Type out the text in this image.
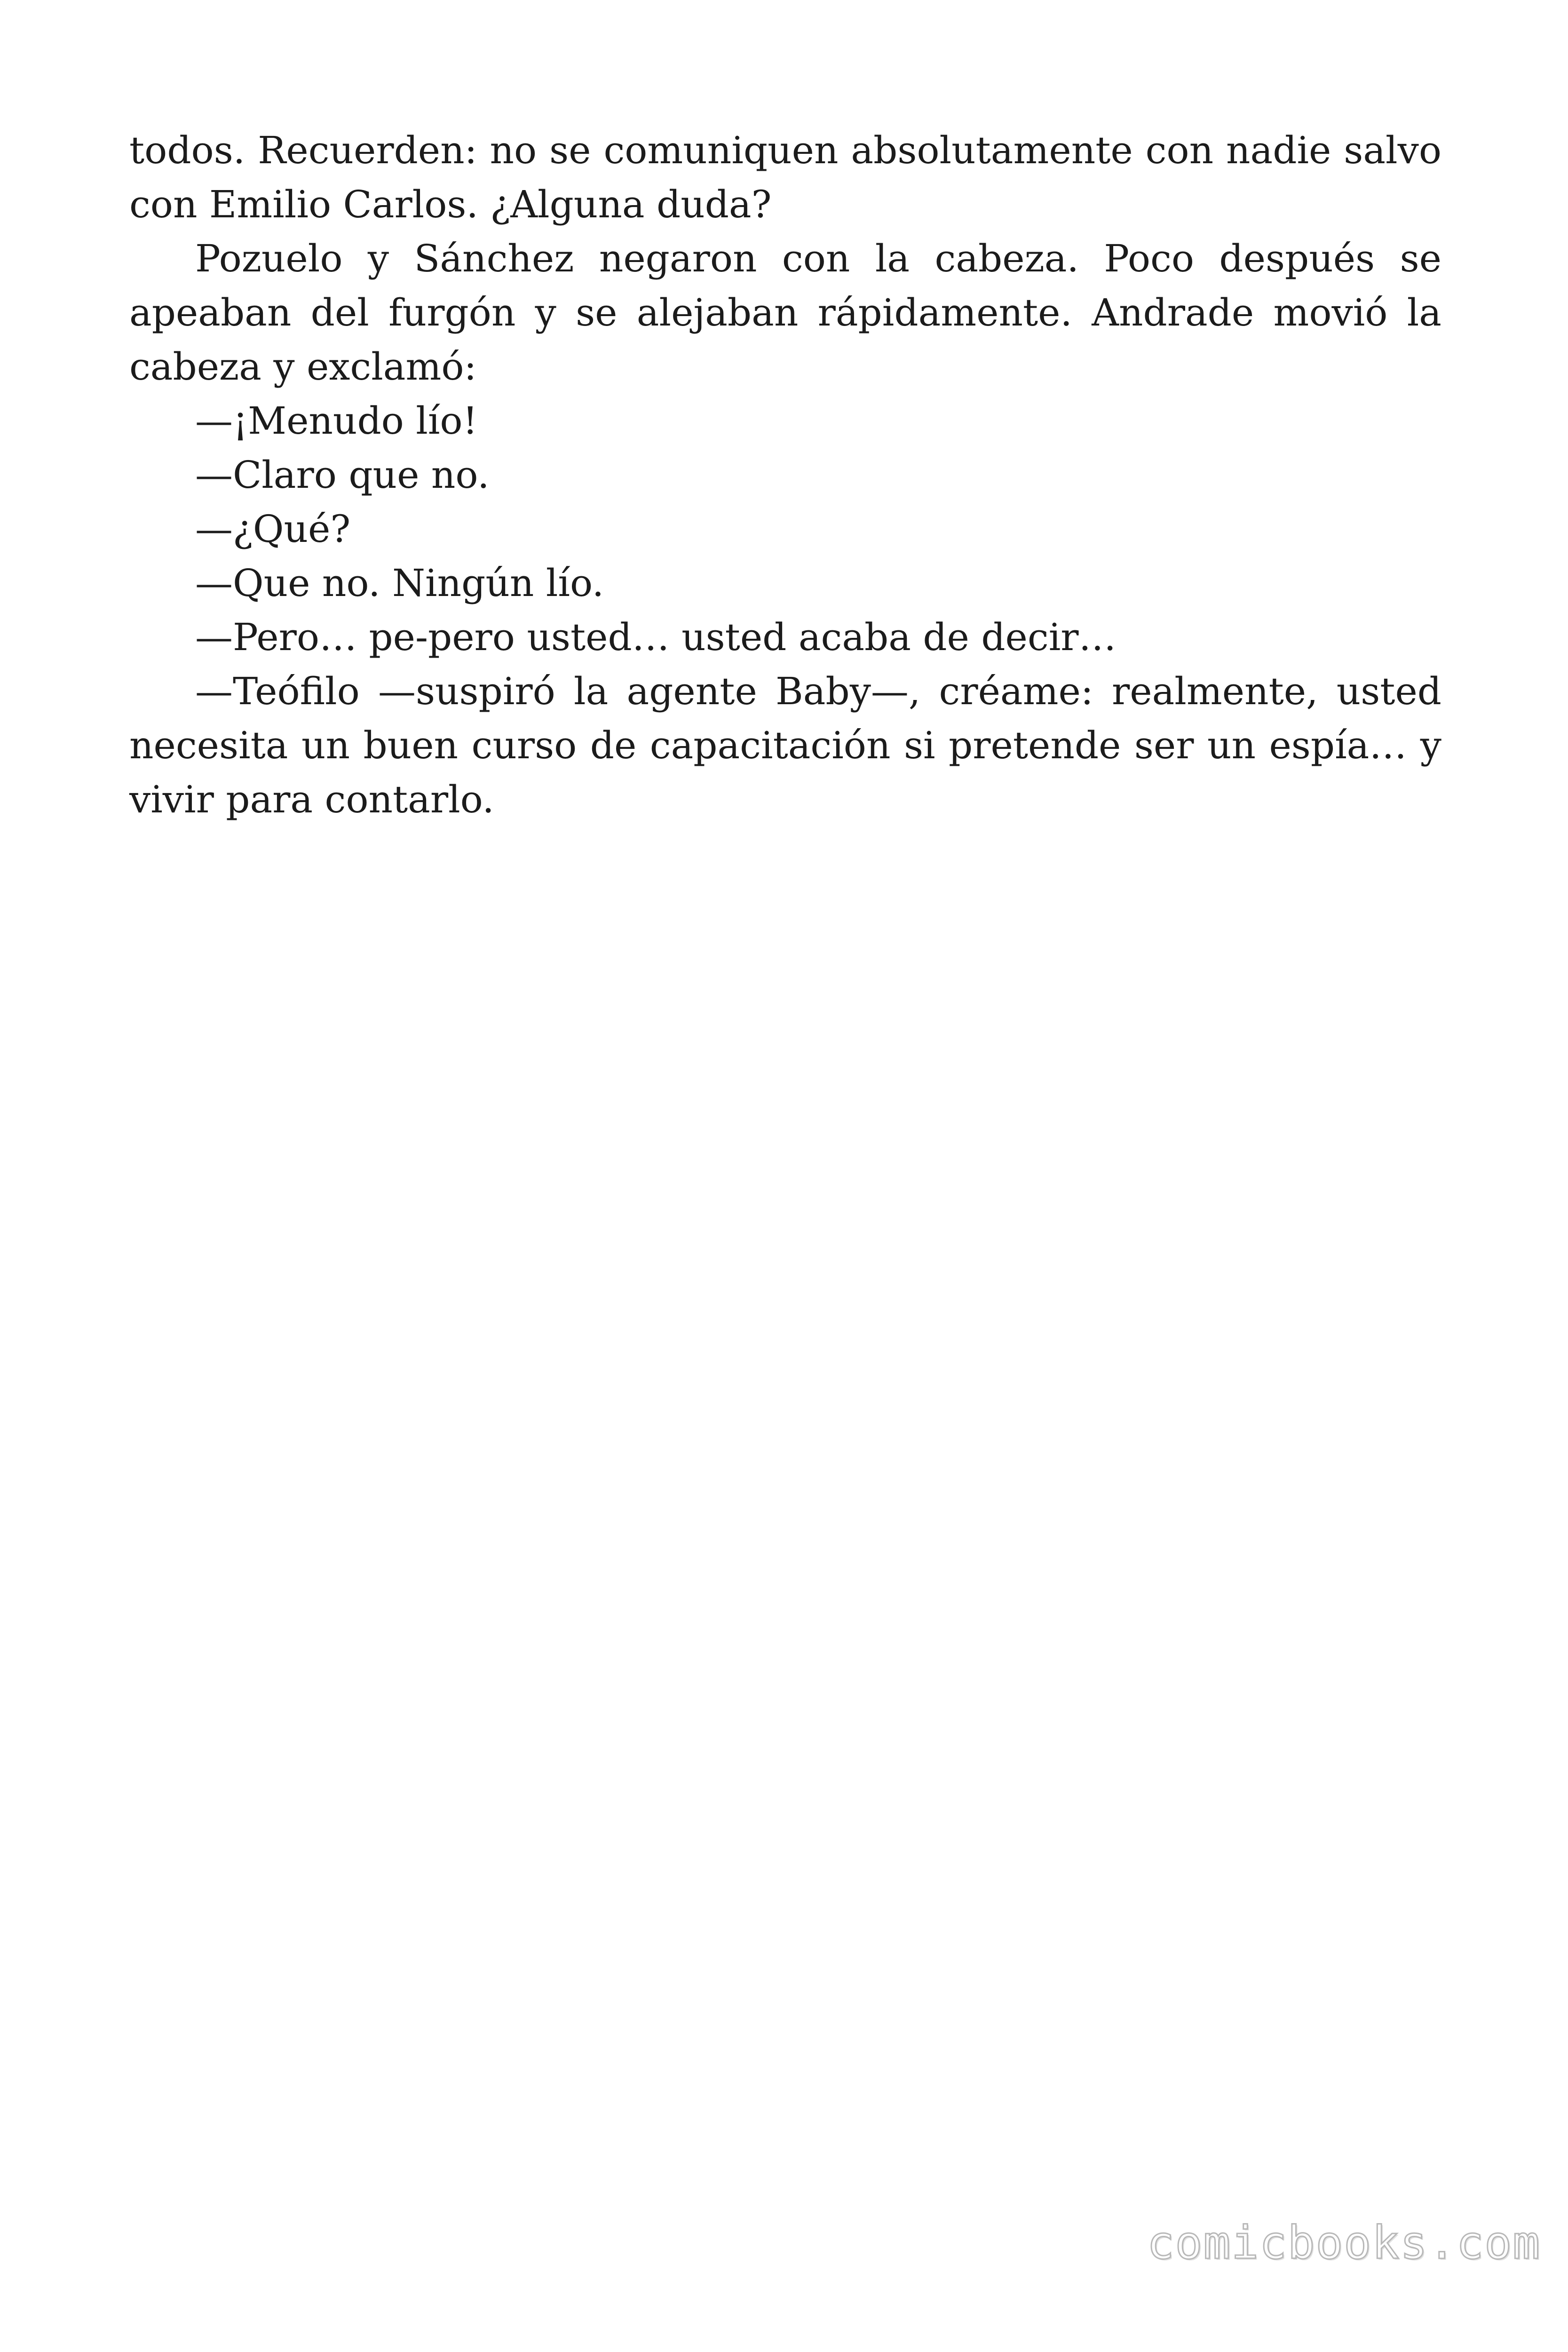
todos. Recuerden: no se comuniquen absolutamente con nadie salvo con Emilio Carlos. ¿Alguna duda?

Pozuelo y Sánchez negaron con la cabeza. Poco después se apeaban del furgón y se alejaban rápidamente. Andrade movió la cabeza y exclamó:

—¡Menudo lío!

—Claro que no.

—¿Qué?

—Que no. Ningún lío.

—Pero… pe-pero usted… usted acaba de decir…

—Teófilo —suspiró la agente Baby—, créame: realmente, usted necesita un buen curso de capacitación si pretende ser un espía… y vivir para contarlo.

comicbooks.com
